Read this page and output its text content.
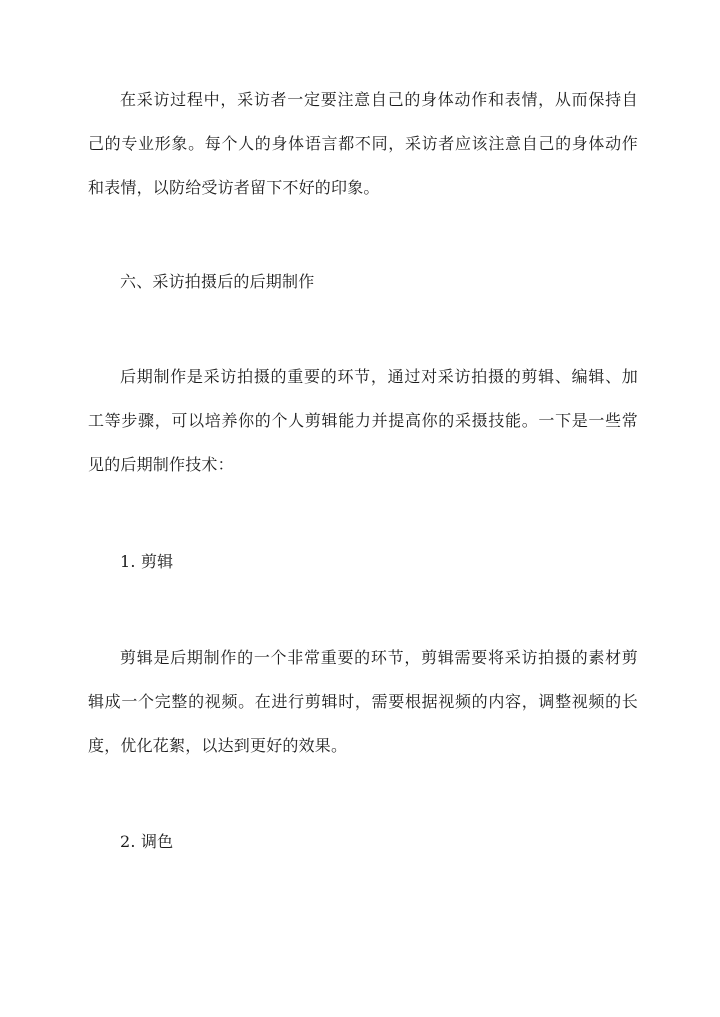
在采访过程中，采访者一定要注意自己的身体动作和表情，从而保持自己的专业形象。每个人的身体语言都不同，采访者应该注意自己的身体动作和表情，以防给受访者留下不好的印象。

六、采访拍摄后的后期制作

后期制作是采访拍摄的重要的环节，通过对采访拍摄的剪辑、编辑、加工等步骤，可以培养你的个人剪辑能力并提高你的采摄技能。一下是一些常见的后期制作技术：

1. 剪辑

剪辑是后期制作的一个非常重要的环节，剪辑需要将采访拍摄的素材剪辑成一个完整的视频。在进行剪辑时，需要根据视频的内容，调整视频的长度，优化花絮，以达到更好的效果。

2. 调色
